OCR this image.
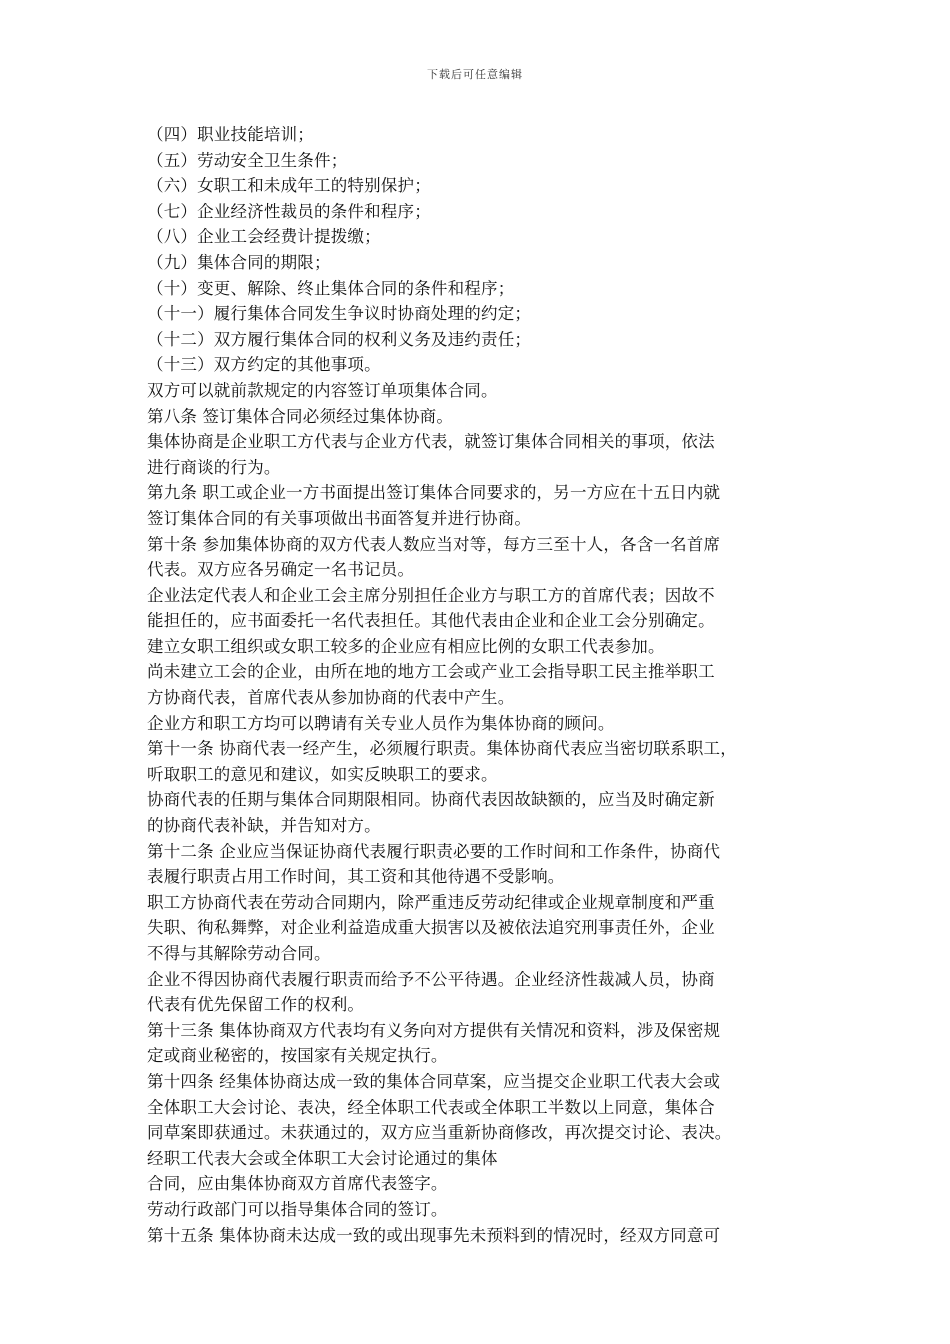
下载后可任意编辑
（四）职业技能培训；
（五）劳动安全卫生条件；
（六）女职工和未成年工的特别保护；
（七）企业经济性裁员的条件和程序；
（八）企业工会经费计提拨缴；
（九）集体合同的期限；
（十）变更、解除、终止集体合同的条件和程序；
（十一）履行集体合同发生争议时协商处理的约定；
（十二）双方履行集体合同的权利义务及违约责任；
（十三）双方约定的其他事项。
双方可以就前款规定的内容签订单项集体合同。
第八条 签订集体合同必须经过集体协商。
集体协商是企业职工方代表与企业方代表，就签订集体合同相关的事项，依法
进行商谈的行为。
第九条 职工或企业一方书面提出签订集体合同要求的，另一方应在十五日内就
签订集体合同的有关事项做出书面答复并进行协商。
第十条 参加集体协商的双方代表人数应当对等，每方三至十人，各含一名首席
代表。双方应各另确定一名书记员。
企业法定代表人和企业工会主席分别担任企业方与职工方的首席代表；因故不
能担任的，应书面委托一名代表担任。其他代表由企业和企业工会分别确定。
建立女职工组织或女职工较多的企业应有相应比例的女职工代表参加。
尚未建立工会的企业，由所在地的地方工会或产业工会指导职工民主推举职工
方协商代表，首席代表从参加协商的代表中产生。
企业方和职工方均可以聘请有关专业人员作为集体协商的顾问。
第十一条 协商代表一经产生，必须履行职责。集体协商代表应当密切联系职工，
听取职工的意见和建议，如实反映职工的要求。
协商代表的任期与集体合同期限相同。协商代表因故缺额的，应当及时确定新
的协商代表补缺，并告知对方。
第十二条 企业应当保证协商代表履行职责必要的工作时间和工作条件，协商代
表履行职责占用工作时间，其工资和其他待遇不受影响。
职工方协商代表在劳动合同期内，除严重违反劳动纪律或企业规章制度和严重
失职、徇私舞弊，对企业利益造成重大损害以及被依法追究刑事责任外，企业
不得与其解除劳动合同。
企业不得因协商代表履行职责而给予不公平待遇。企业经济性裁减人员，协商
代表有优先保留工作的权利。
第十三条 集体协商双方代表均有义务向对方提供有关情况和资料，涉及保密规
定或商业秘密的，按国家有关规定执行。
第十四条 经集体协商达成一致的集体合同草案，应当提交企业职工代表大会或
全体职工大会讨论、表决，经全体职工代表或全体职工半数以上同意，集体合
同草案即获通过。未获通过的，双方应当重新协商修改，再次提交讨论、表决。
经职工代表大会或全体职工大会讨论通过的集体
合同，应由集体协商双方首席代表签字。
劳动行政部门可以指导集体合同的签订。
第十五条 集体协商未达成一致的或出现事先未预料到的情况时，经双方同意可
